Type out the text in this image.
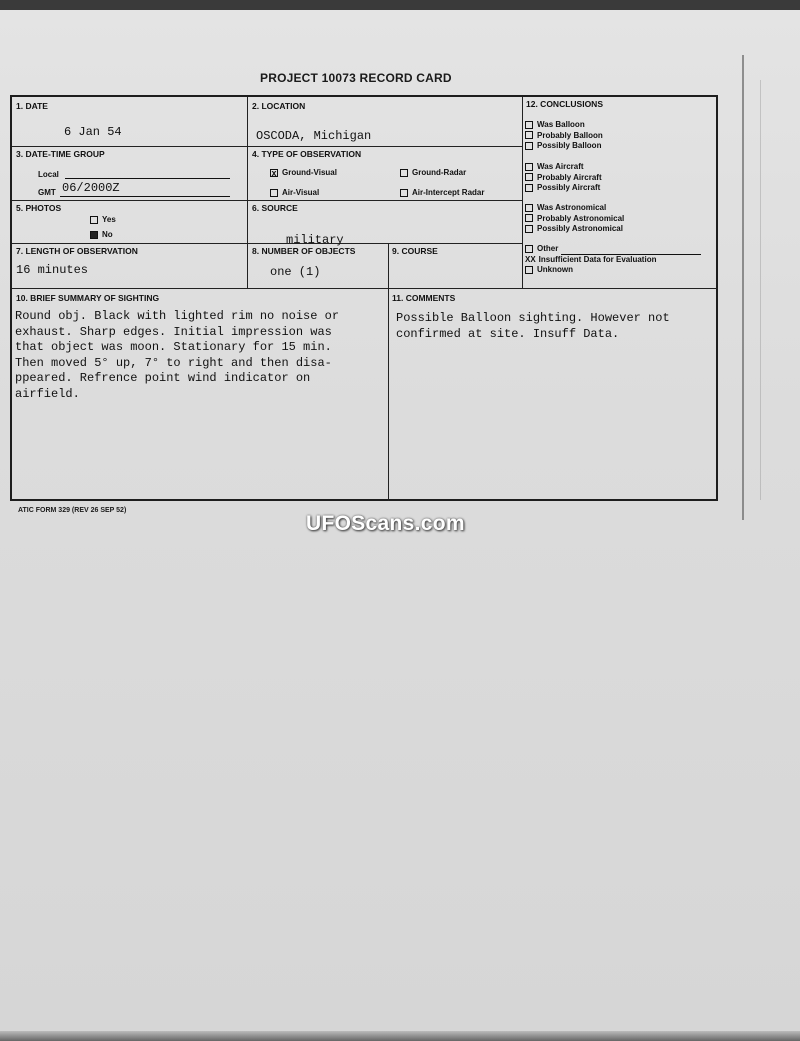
PROJECT 10073 RECORD CARD
1. DATE
6 Jan 54
2. LOCATION
OSCODA, Michigan
3. DATE-TIME GROUP
Local
GMT 06/2000Z
4. TYPE OF OBSERVATION
x Ground-Visual	Ground-Radar
Air-Visual	Air-Intercept Radar
5. PHOTOS
Yes
No
6. SOURCE
military
7. LENGTH OF OBSERVATION
16 minutes
8. NUMBER OF OBJECTS
one (1)
9. COURSE
10. BRIEF SUMMARY OF SIGHTING
Round obj. Black with lighted rim no noise or
exhaust. Sharp edges. Initial impression was
that object was moon. Stationary for 15 min.
Then moved 5° up, 7° to right and then disa-
ppeared. Refrence point wind indicator on
airfield.
11. COMMENTS
Possible Balloon sighting. However not
confirmed at site. Insuff Data.
12. CONCLUSIONS
Was Balloon
Probably Balloon
Possibly Balloon
Was Aircraft
Probably Aircraft
Possibly Aircraft
Was Astronomical
Probably Astronomical
Possibly Astronomical
Other
XX Insufficient Data for Evaluation
Unknown
ATIC FORM 329 (REV 26 SEP 52)
UFOScans.com
